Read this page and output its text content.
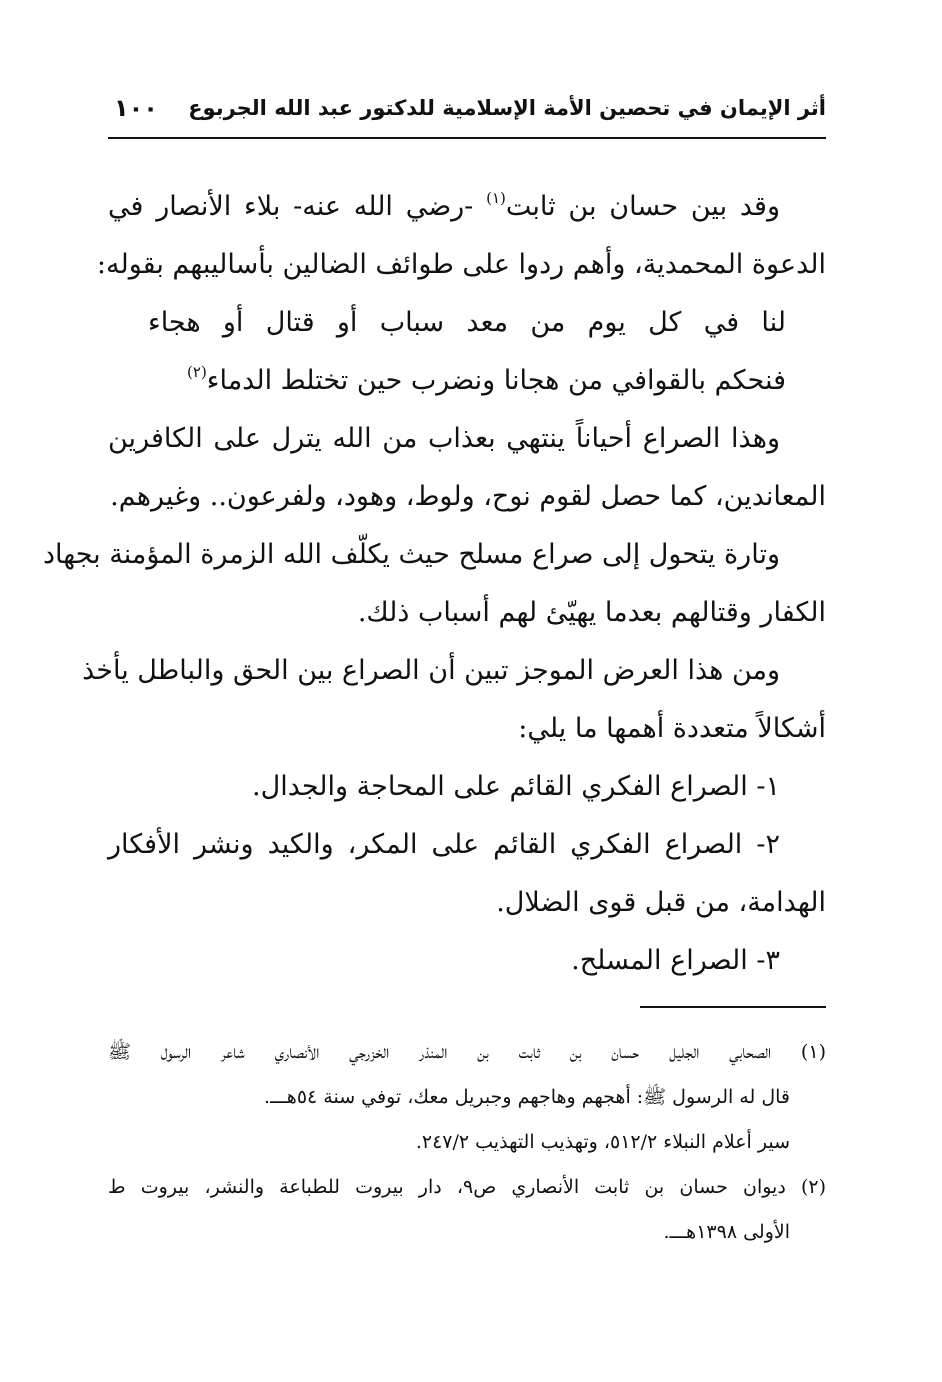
أثر الإيمان في تحصين الأمة الإسلامية للدكتور عبد الله الجربوع
١٠٠
وقد بين حسان بن ثابت$^{(١)}$ -رضي الله عنه- بلاء الأنصار في
الدعوة المحمدية، وأهم ردوا على طوائف الضالين بأساليبهم بقوله:
لنا في كل يوم من معد سباب أو قتال أو هجاء
فنحكم بالقوافي من هجانا ونضرب حين تختلط الدماء$^{(٢)}$
وهذا الصراع أحياناً ينتهي بعذاب من الله يترل على الكافرين
المعاندين، كما حصل لقوم نوح، ولوط، وهود، ولفرعون.. وغيرهم.
وتارة يتحول إلى صراع مسلح حيث يكلّف الله الزمرة المؤمنة بجهاد
الكفار وقتالهم بعدما يهيّئ لهم أسباب ذلك.
ومن هذا العرض الموجز تبين أن الصراع بين الحق والباطل يأخذ
أشكالاً متعددة أهمها ما يلي:
١- الصراع الفكري القائم على المحاجة والجدال.
٢- الصراع الفكري القائم على المكر، والكيد ونشر الأفكار
الهدامة، من قبل قوى الضلال.
٣- الصراع المسلح.
(١) الصحابي الجليل حسان بن ثابت بن المنذر الخزرجي الأنصاري شاعر الرسول ﷺ
قال له الرسول ﷺ: أهجهم وهاجهم وجبريل معك، توفي سنة ٥٤هـــ.
سير أعلام النبلاء ٥١٢/٢، وتهذيب التهذيب ٢٤٧/٢.
(٢) ديوان حسان بن ثابت الأنصاري ص٩، دار بيروت للطباعة والنشر، بيروت ط
الأولى ١٣٩٨هـــ.
